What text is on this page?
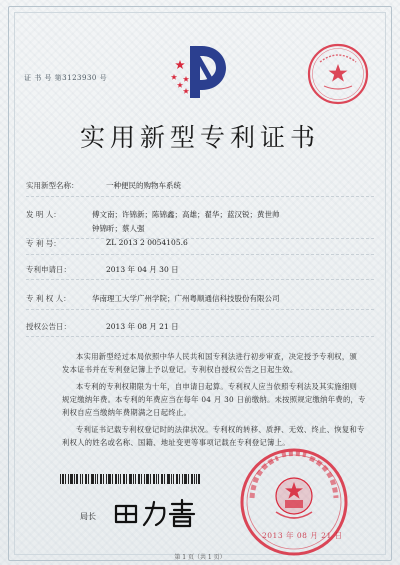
证 书 号 第3123930 号
实用新型专利证书
实用新型名称：	一种便民的购物车系统
发 明 人：	傅文南；许锦新；陈锦鑫；高雄；翟华；蓝汉锐；黄世帅
钟锦昕；蔡人强
专 利 号：	ZL 2013 2 0054105.6
专利申请日：	2013 年 04 月 30 日
专 利 权 人：	华南理工大学广州学院；广州粤顺通信科技股份有限公司
授权公告日：	2013 年 08 月 21 日
本实用新型经过本局依照中华人民共和国专利法进行初步审查，决定授予专利权，颁
发本证书并在专利登记簿上予以登记。专利权自授权公告之日起生效。
本专利的专利权期限为十年，自申请日起算。专利权人应当依照专利法及其实施细则
规定缴纳年费。本专利的年费应当在每年 04 月 30 日前缴纳。未按照规定缴纳年费的，专
利权自应当缴纳年费期满之日起终止。
专利证书记载专利权登记时的法律状况。专利权的转移、质押、无效、终止、恢复和专
利权人的姓名或名称、国籍、地址变更等事项记载在专利登记簿上。
局长
2013 年 08 月 21 日
第 1 页（共 1 页）
